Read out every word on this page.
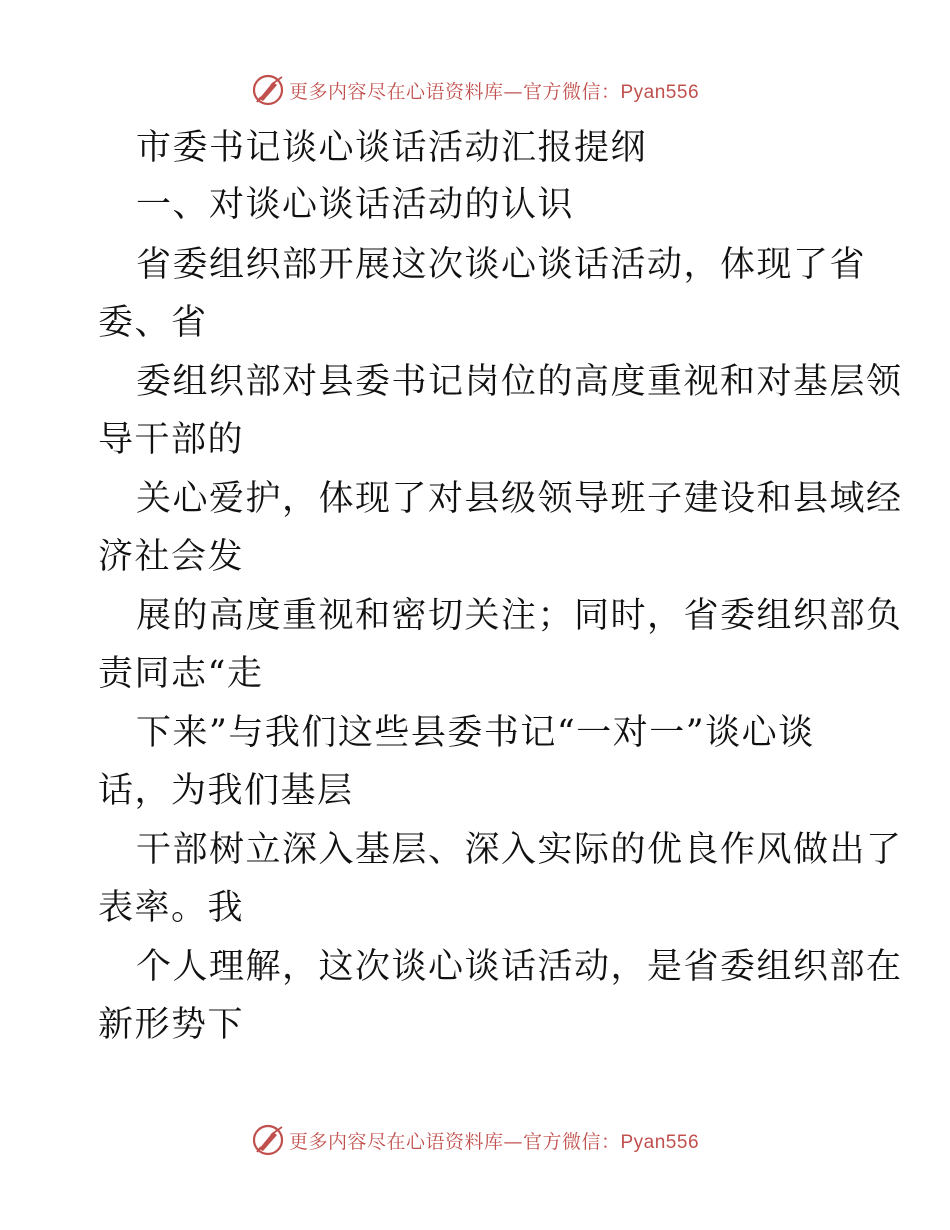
更多内容尽在心语资料库—官方微信：Pyan556
市委书记谈心谈话活动汇报提纲
一、对谈心谈话活动的认识
省委组织部开展这次谈心谈话活动，体现了省
委、省
委组织部对县委书记岗位的高度重视和对基层领
导干部的
关心爱护，体现了对县级领导班子建设和县域经
济社会发
展的高度重视和密切关注；同时，省委组织部负
责同志“走
下来”与我们这些县委书记“一对一”谈心谈
话，为我们基层
干部树立深入基层、深入实际的优良作风做出了
表率。我
个人理解，这次谈心谈话活动，是省委组织部在
新形势下
更多内容尽在心语资料库—官方微信：Pyan556
